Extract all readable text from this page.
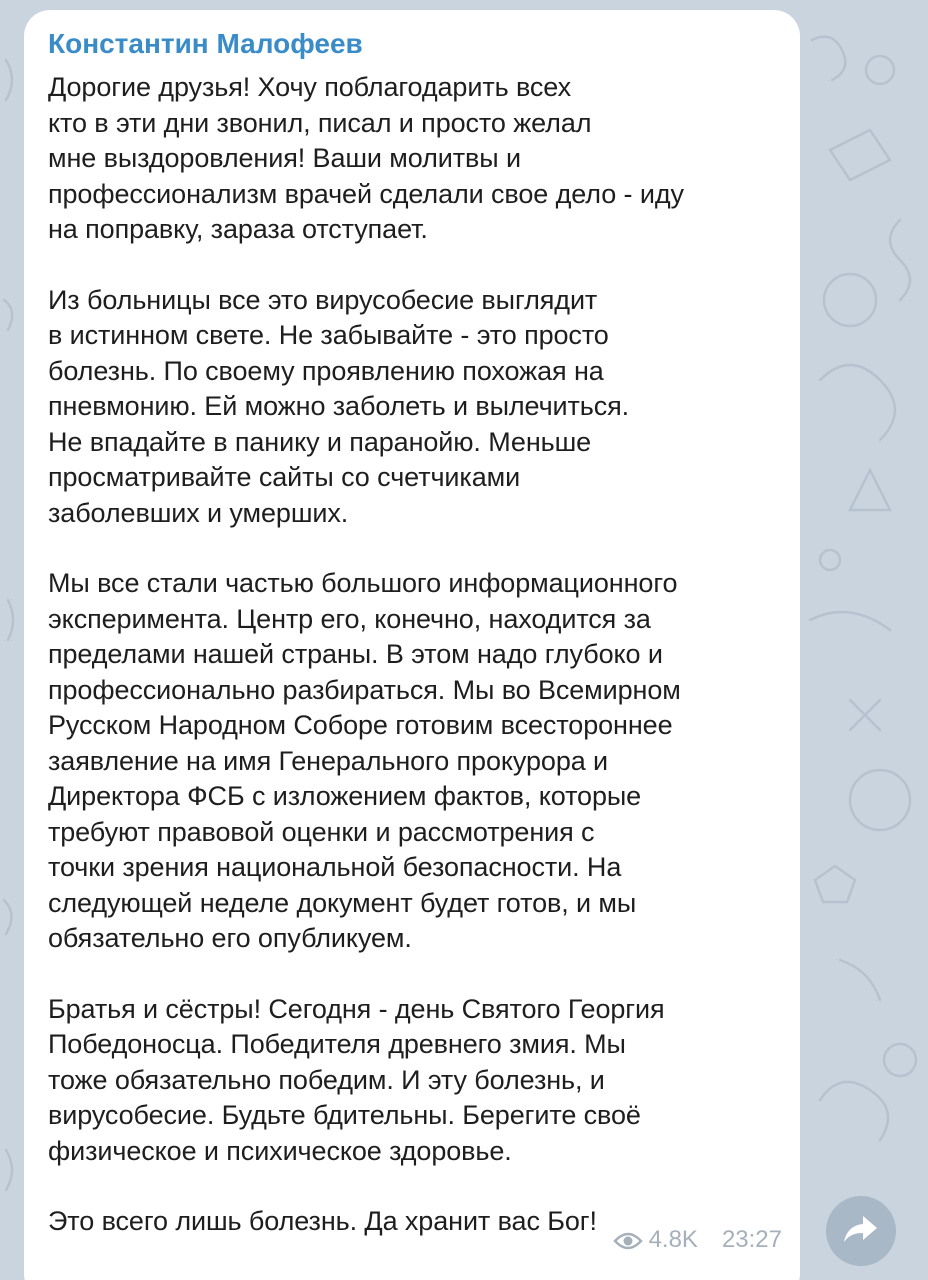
Константин Малофеев
Дорогие друзья! Хочу поблагодарить всех
кто в эти дни звонил, писал и просто желал
мне выздоровления! Ваши молитвы и
профессионализм врачей сделали свое дело - иду
на поправку, зараза отступает.
Из больницы все это вирусобесие выглядит
в истинном свете. Не забывайте - это просто
болезнь. По своему проявлению похожая на
пневмонию. Ей можно заболеть и вылечиться.
Не впадайте в панику и паранойю. Меньше
просматривайте сайты со счетчиками
заболевших и умерших.
Мы все стали частью большого информационного
эксперимента. Центр его, конечно, находится за
пределами нашей страны. В этом надо глубоко и
профессионально разбираться. Мы во Всемирном
Русском Народном Соборе готовим всестороннее
заявление на имя Генерального прокурора и
Директора ФСБ с изложением фактов, которые
требуют правовой оценки и рассмотрения с
точки зрения национальной безопасности. На
следующей неделе документ будет готов, и мы
обязательно его опубликуем.
Братья и сёстры! Сегодня - день Святого Георгия
Победоносца. Победителя древнего змия. Мы
тоже обязательно победим. И эту болезнь, и
вирусобесие. Будьте бдительны. Берегите своё
физическое и психическое здоровье.
Это всего лишь болезнь. Да хранит вас Бог!
4.8K 23:27
